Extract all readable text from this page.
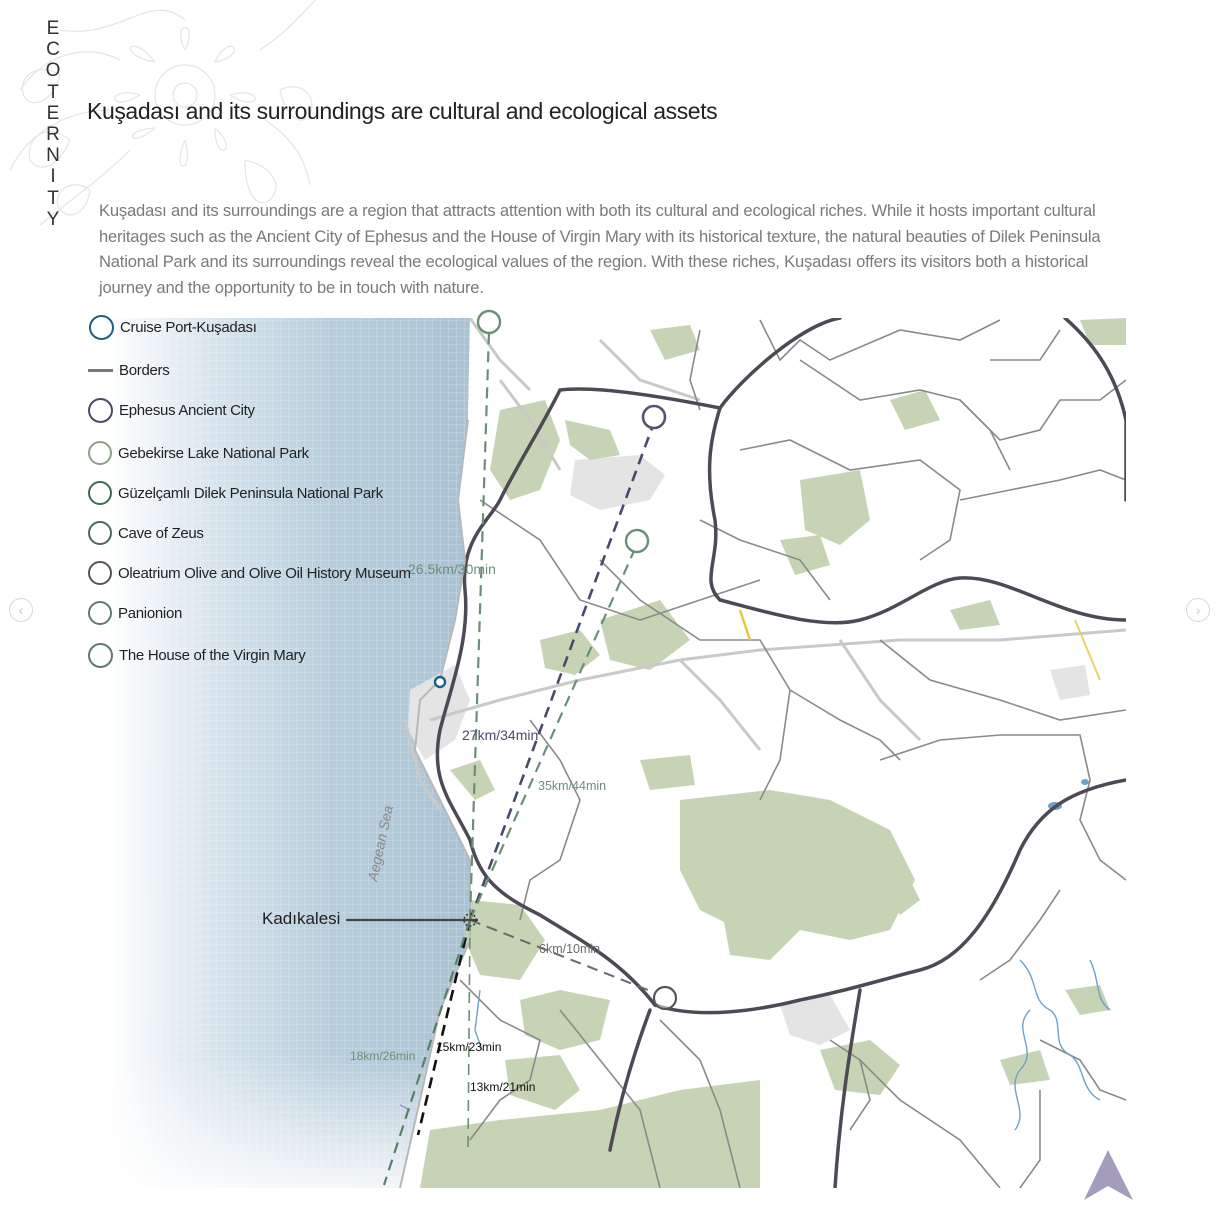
E
C
O
T
E
R
N
I
T
Y
Kuşadası and its surroundings are cultural and ecological assets

Kuşadası and its surroundings are a region that attracts attention with both its cultural and ecological riches. While it hosts important cultural heritages such as the Ancient City of Ephesus and the House of Virgin Mary with its historical texture, the natural beauties of Dilek Peninsula National Park and its surroundings reveal the ecological values of the region. With these riches, Kuşadası offers its visitors both a historical journey and the opportunity to be in touch with nature.

Kadıkalesi
Aegean Sea
26.5km/30min
27km/34min
35km/44min
6km/10min
15km/23min
13km/21min
18km/26min
Cruise Port-Kuşadası
Borders
Ephesus Ancient City
Gebekirse Lake National Park
Güzelçamlı Dilek Peninsula National Park
Cave of Zeus
Oleatrium Olive and Olive Oil History Museum
Panionion
The House of the Virgin Mary
‹	›
